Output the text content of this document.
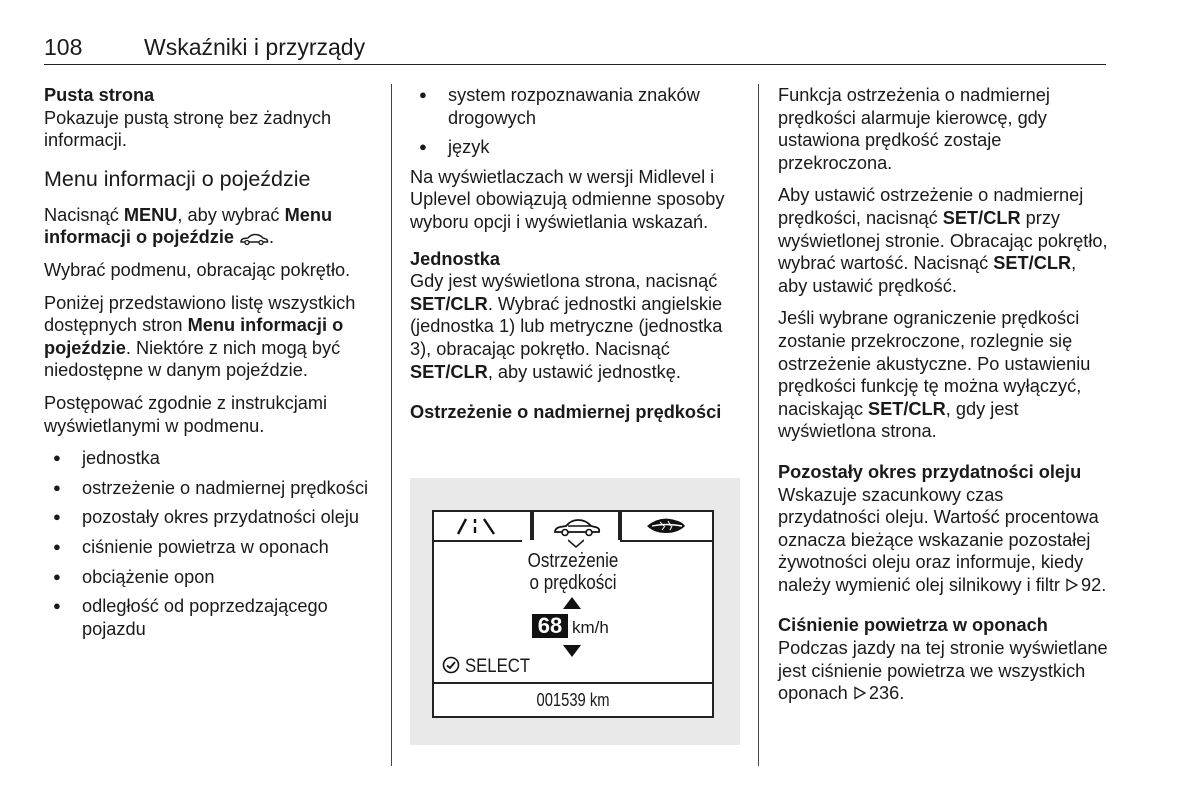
108	Wskaźniki i przyrządy
Pusta strona

Pokazuje pustą stronę bez żadnych informacji.

Menu informacji o pojeździe

Nacisnąć MENU, aby wybrać Menu informacji o pojeździe .

Wybrać podmenu, obracając pokrętło.

Poniżej przedstawiono listę wszystkich dostępnych stron Menu informacji o pojeździe. Niektóre z nich mogą być niedostępne w danym pojeździe.

Postępować zgodnie z instrukcjami wyświetlanymi w podmenu.

● jednostka
● ostrzeżenie o nadmiernej prędkości
● pozostały okres przydatności oleju
● ciśnienie powietrza w oponach
● obciążenie opon
● odległość od poprzedzającego pojazdu
● system rozpoznawania znaków drogowych
● język

Na wyświetlaczach w wersji Midlevel i Uplevel obowiązują odmienne sposoby wyboru opcji i wyświetlania wskazań.

Jednostka

Gdy jest wyświetlona strona, nacisnąć SET/CLR. Wybrać jednostki angielskie (jednostka 1) lub metryczne (jednostka 3), obracając pokrętło. Nacisnąć SET/CLR, aby ustawić jednostkę.

Ostrzeżenie o nadmiernej prędkości
Ostrzeżenie
o prędkości
68 km/h
SELECT
001539 km

Funkcja ostrzeżenia o nadmiernej prędkości alarmuje kierowcę, gdy ustawiona prędkość zostaje przekroczona.

Aby ustawić ostrzeżenie o nadmiernej prędkości, nacisnąć SET/CLR przy wyświetlonej stronie. Obracając pokrętło, wybrać wartość. Nacisnąć SET/CLR, aby ustawić prędkość.

Jeśli wybrane ograniczenie prędkości zostanie przekroczone, rozlegnie się ostrzeżenie akustyczne. Po ustawieniu prędkości funkcję tę można wyłączyć, naciskając SET/CLR, gdy jest wyświetlona strona.

Pozostały okres przydatności oleju

Wskazuje szacunkowy czas przydatności oleju. Wartość procentowa oznacza bieżące wskazanie pozostałej żywotności oleju oraz informuje, kiedy należy wymienić olej silnikowy i filtr 92.

Ciśnienie powietrza w oponach

Podczas jazdy na tej stronie wyświetlane jest ciśnienie powietrza we wszystkich oponach 236.
